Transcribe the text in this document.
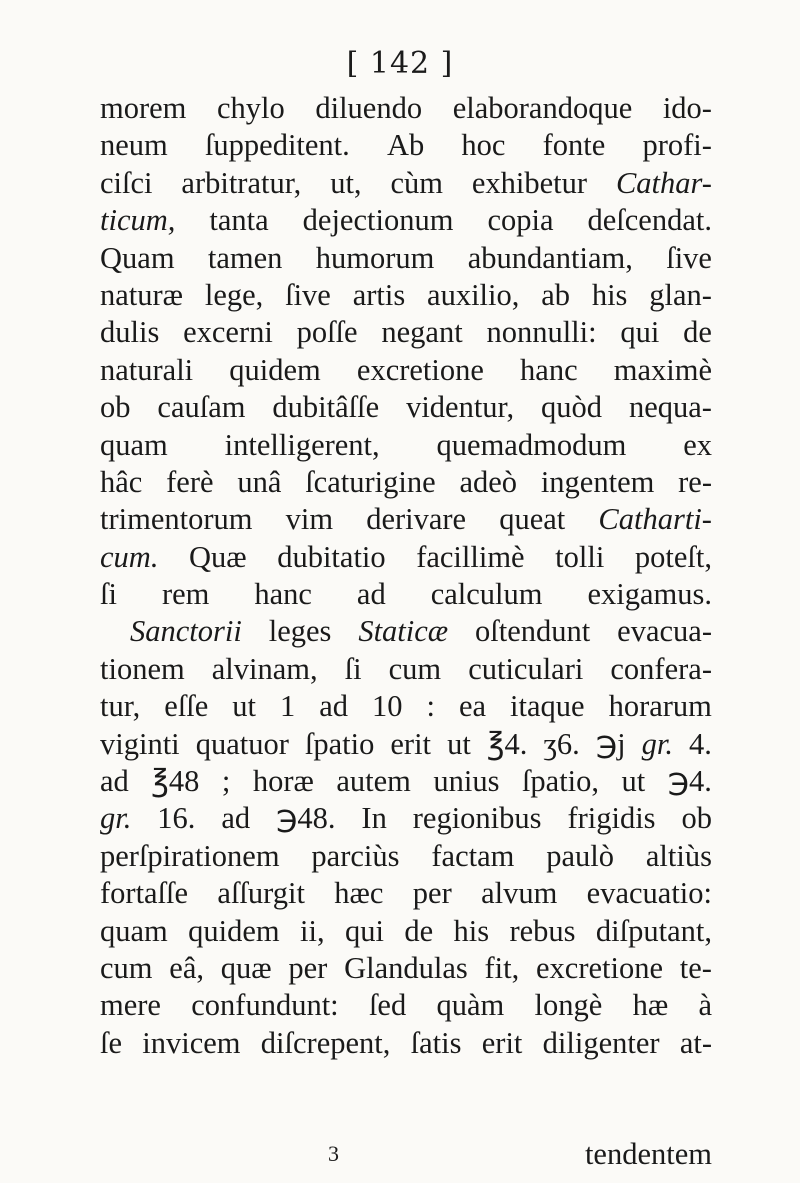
[ 142 ]
morem chylo diluendo elaborandoque ido-
neum ſuppeditent. Ab hoc fonte profi-
ciſci arbitratur, ut, cùm exhibetur Cathar-
ticum, tanta dejectionum copia deſcendat.
Quam tamen humorum abundantiam, ſive
naturæ lege, ſive artis auxilio, ab his glan-
dulis excerni poſſe negant nonnulli: qui de
naturali quidem excretione hanc maximè
ob cauſam dubitâſſe videntur, quòd nequa-
quam intelligerent, quemadmodum ex
hâc ferè unâ ſcaturigine adeò ingentem re-
trimentorum vim derivare queat Catharti-
cum. Quæ dubitatio facillimè tolli poteſt,
ſi rem hanc ad calculum exigamus.
Sanctorii leges Staticæ oſtendunt evacua-
tionem alvinam, ſi cum cuticulari confera-
tur, eſſe ut 1 ad 10 : ea itaque horarum
viginti quatuor ſpatio erit ut ℥4. ʒ6. ℈j gr. 4.
ad ℥48 ; horæ autem unius ſpatio, ut ℈4.
gr. 16. ad ℈48. In regionibus frigidis ob
perſpirationem parciùs factam paulò altiùs
fortaſſe aſſurgit hæc per alvum evacuatio:
quam quidem ii, qui de his rebus diſputant,
cum eâ, quæ per Glandulas fit, excretione te-
mere confundunt: ſed quàm longè hæ à
ſe invicem diſcrepent, ſatis erit diligenter at-
3	tendentem
